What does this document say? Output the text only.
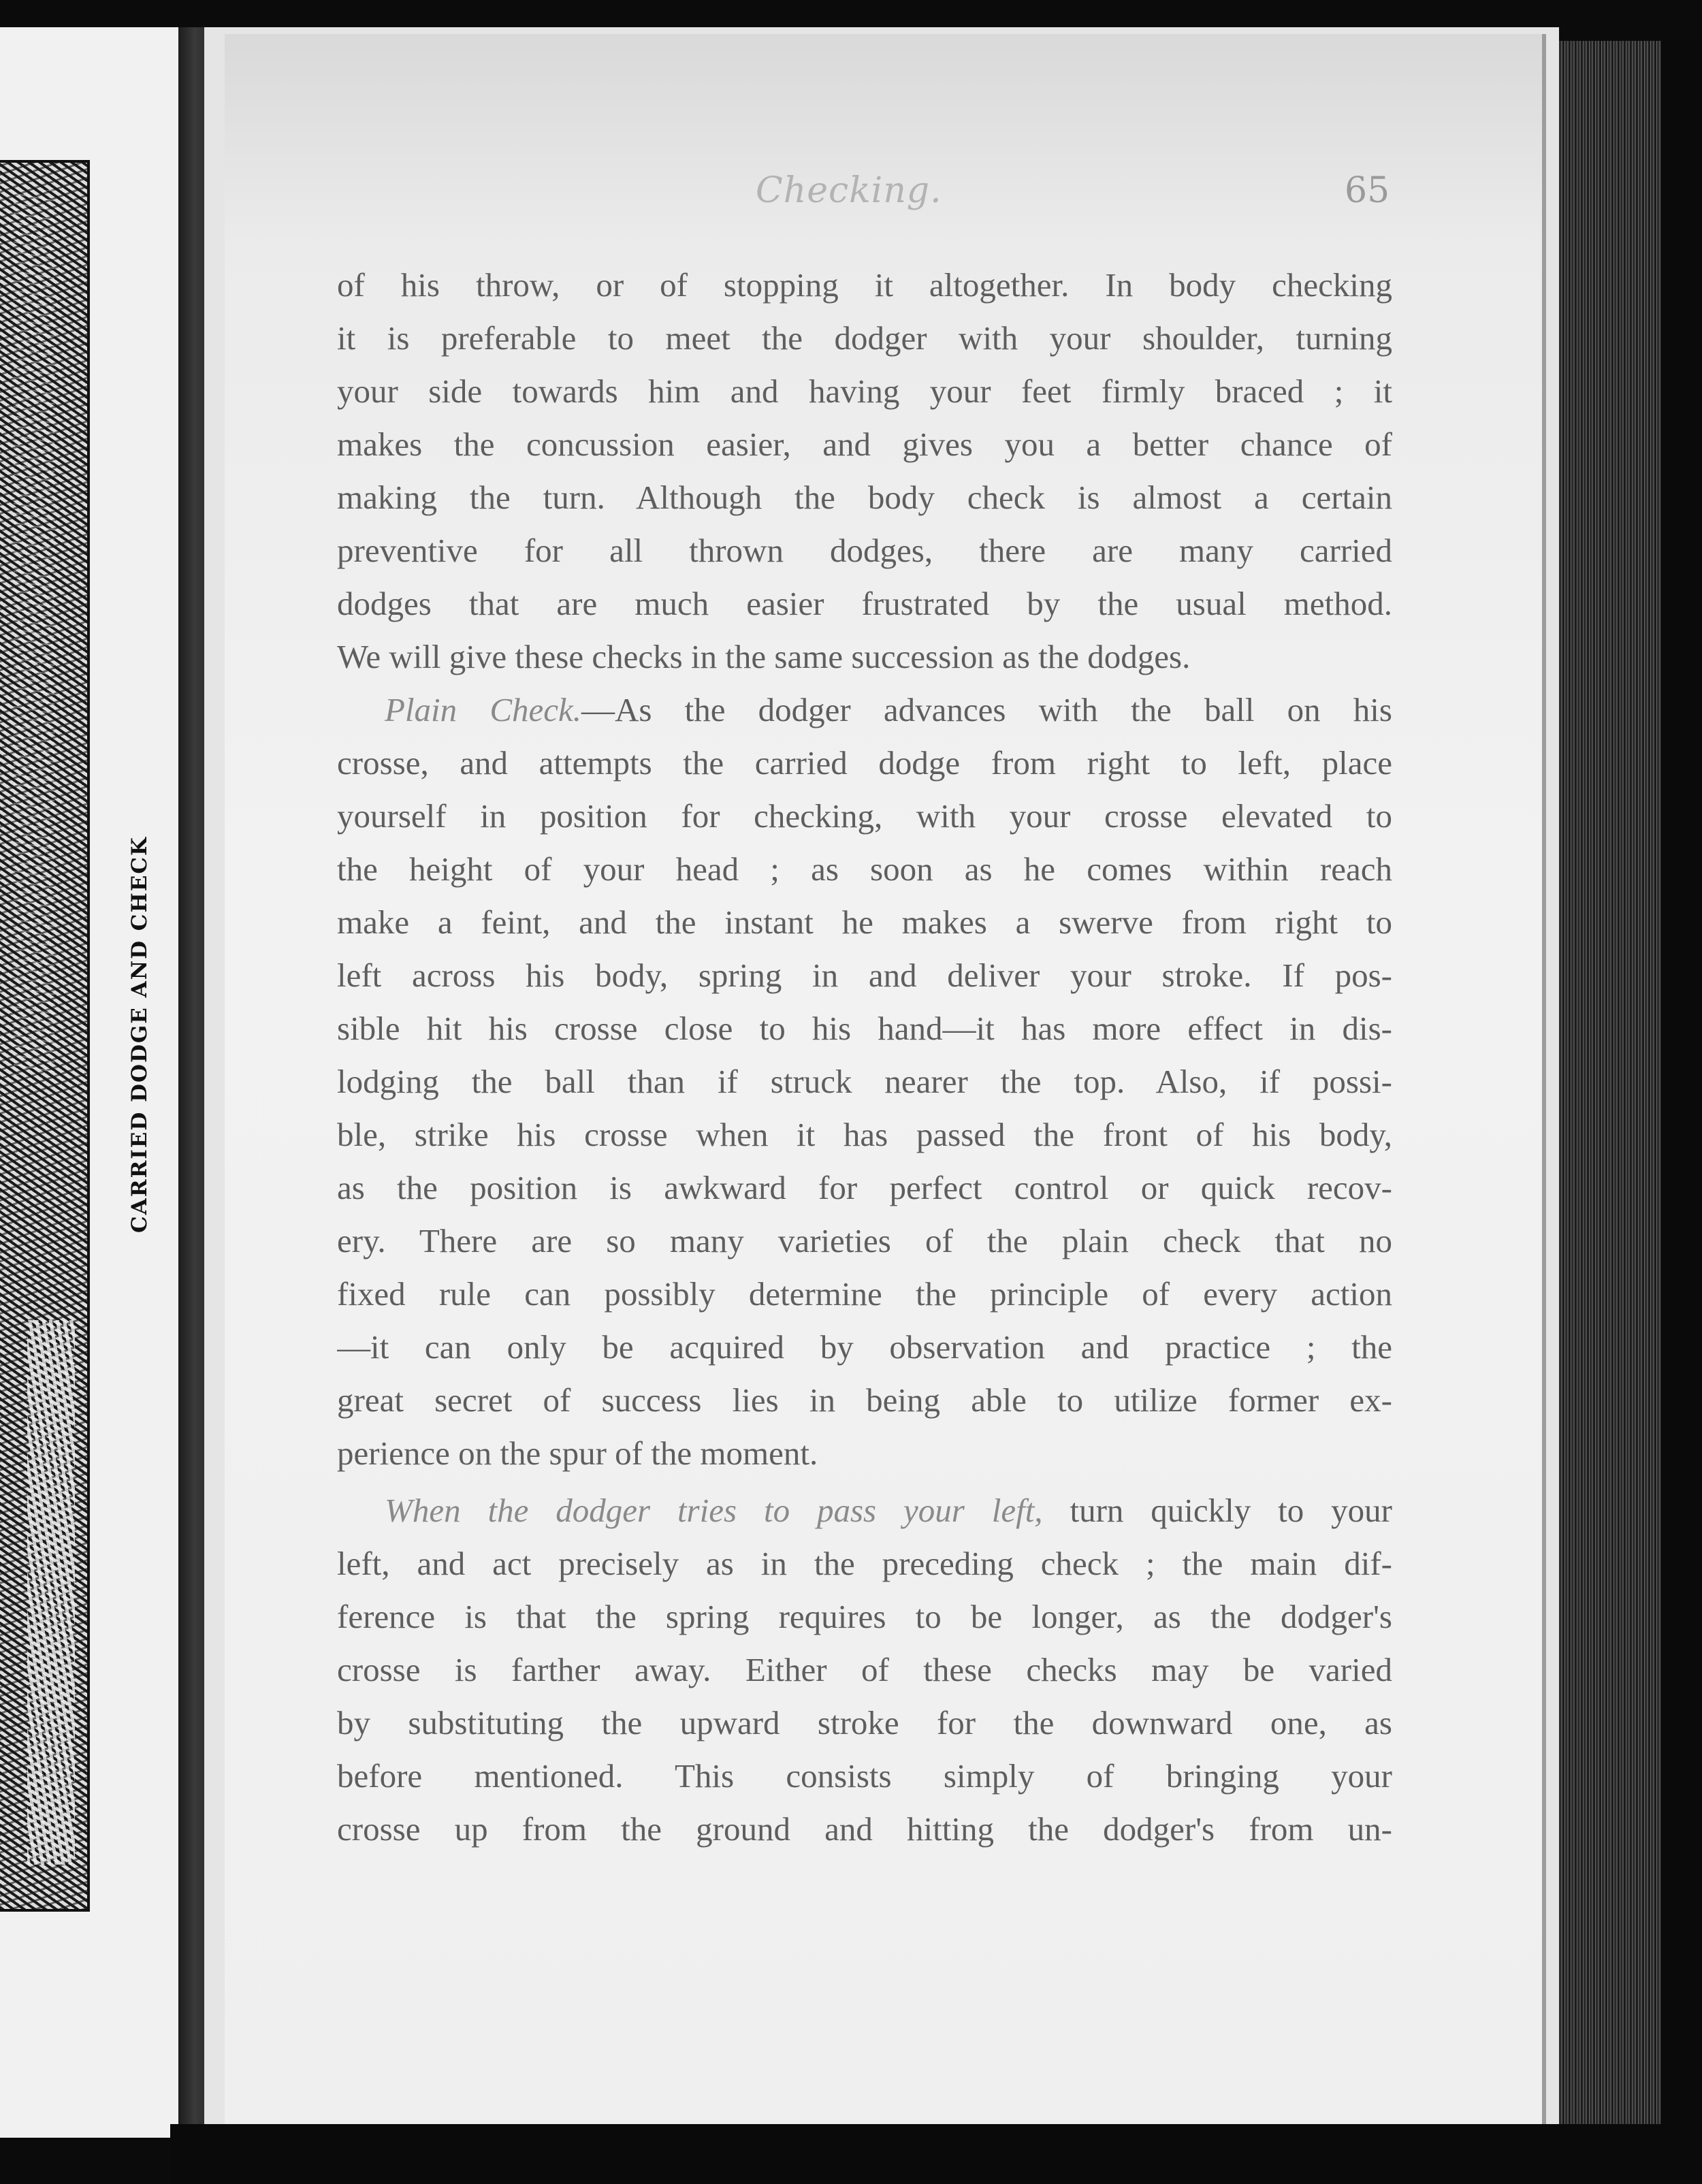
CARRIED DODGE AND CHECK
Checking.	65
of his throw, or of stopping it altogether. In body checking
it is preferable to meet the dodger with your shoulder, turning
your side towards him and having your feet firmly braced ; it
makes the concussion easier, and gives you a better chance of
making the turn. Although the body check is almost a certain
preventive for all thrown dodges, there are many carried
dodges that are much easier frustrated by the usual method.
We will give these checks in the same succession as the dodges.
Plain Check.—As the dodger advances with the ball on his
crosse, and attempts the carried dodge from right to left, place
yourself in position for checking, with your crosse elevated to
the height of your head ; as soon as he comes within reach
make a feint, and the instant he makes a swerve from right to
left across his body, spring in and deliver your stroke. If pos-
sible hit his crosse close to his hand—it has more effect in dis-
lodging the ball than if struck nearer the top. Also, if possi-
ble, strike his crosse when it has passed the front of his body,
as the position is awkward for perfect control or quick recov-
ery. There are so many varieties of the plain check that no
fixed rule can possibly determine the principle of every action
—it can only be acquired by observation and practice ; the
great secret of success lies in being able to utilize former ex-
perience on the spur of the moment.
When the dodger tries to pass your left, turn quickly to your
left, and act precisely as in the preceding check ; the main dif-
ference is that the spring requires to be longer, as the dodger's
crosse is farther away. Either of these checks may be varied
by substituting the upward stroke for the downward one, as
before mentioned. This consists simply of bringing your
crosse up from the ground and hitting the dodger's from un-
